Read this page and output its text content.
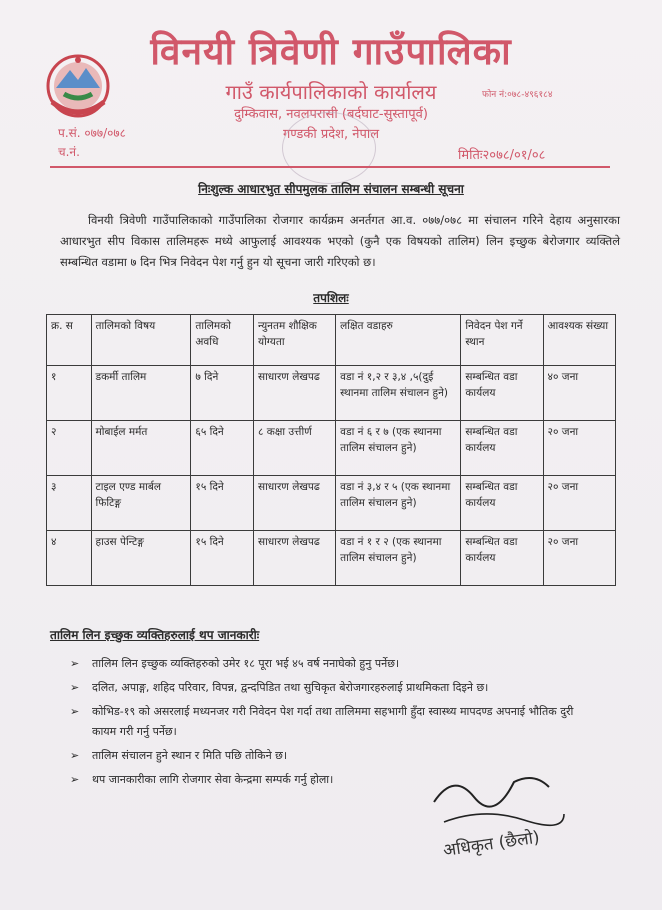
विनयी त्रिवेणी गाउँपालिका
गाउँ कार्यपालिकाको कार्यालय
दुम्किवास, नवलपरासी (बर्दघाट-सुस्तापूर्व)
गण्डकी प्रदेश, नेपाल
फोन नं:०७८-४९६१८४
प.सं. ०७७/०७८
च.नं.	मितिः२०७८/०१/०८
निःशुल्क आधारभुत सीपमुलक तालिम संचालन सम्बन्धी सूचना
विनयी त्रिवेणी गाउँपालिकाको गाउँपालिका रोजगार कार्यक्रम अनर्तगत आ.व. ०७७/०७८ मा संचालन गरिने देहाय अनुसारका आधारभुत सीप विकास तालिमहरू मध्ये आफुलाई आवश्यक भएको (कुनै एक विषयको तालिम) लिन इच्छुक बेरोजगार व्यक्तिले सम्बन्धित वडामा ७ दिन भित्र निवेदन पेश गर्नु हुन यो सूचना जारी गरिएको छ।
तपशिलः
क्र. स	तालिमको विषय	तालिमको अवधि	न्युनतम शौक्षिक योग्यता	लक्षित वडाहरु	निवेदन पेश गर्ने स्थान	आवश्यक संख्या
१	डकर्मी तालिम	७ दिने	साधारण लेखपढ	वडा नं १,२ र ३,४ ,५(दुई स्थानमा तालिम संचालन हुने)	सम्बन्धित वडा कार्यलय	४० जना
२	मोबाईल मर्मत	६५ दिने	८ कक्षा उत्तीर्ण	वडा नं ६ र ७ (एक स्थानमा तालिम संचालन हुने)	सम्बन्धित वडा कार्यलय	२० जना
३	टाइल एण्ड मार्बल फिटिङ्ग	१५ दिने	साधारण लेखपढ	वडा नं ३,४ र ५ (एक स्थानमा तालिम संचालन हुने)	सम्बन्धित वडा कार्यलय	२० जना
४	हाउस पेन्टिङ्ग	१५ दिने	साधारण लेखपढ	वडा नं १ र २ (एक स्थानमा तालिम संचालन हुने)	सम्बन्धित वडा कार्यलय	२० जना
तालिम लिन इच्छुक व्यक्तिहरुलाई थप जानकारीः
➢ तालिम लिन इच्छुक व्यक्तिहरुको उमेर १८ पूरा भई ४५ वर्ष ननाघेको हुनु पर्नेछ।
➢ दलित, अपाङ्ग, शहिद परिवार, विपन्न, द्वन्दपिडित तथा सुचिकृत बेरोजगारहरुलाई प्राथमिकता दिइने छ।
➢ कोभिड-१९ को असरलाई मध्यनजर गरी निवेदन पेश गर्दा तथा तालिममा सहभागी हुँदा स्वास्थ्य मापदण्ड अपनाई भौतिक दुरी कायम गरी गर्नु पर्नेछ।
➢ तालिम संचालन हुने स्थान र मिति पछि तोकिने छ।
➢ थप जानकारीका लागि रोजगार सेवा केन्द्रमा सम्पर्क गर्नु होला।
अधिकृत (छैलो)
